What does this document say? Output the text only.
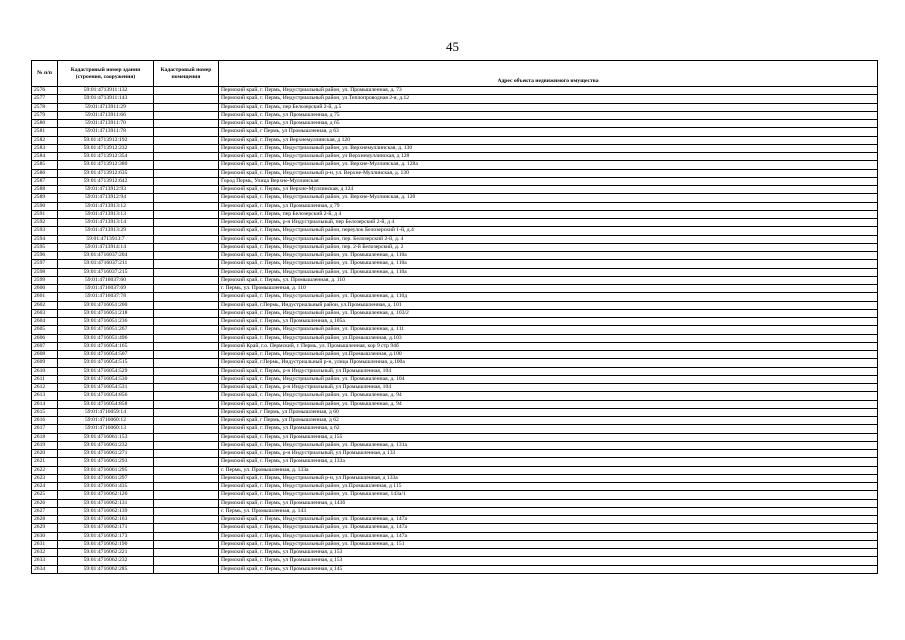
45
№ п/п	Кадастровый номер здания (строения, сооружения)	Кадастровый номер помещения	Адрес объекта недвижимого имущества
2576	59:01:4713911:132		Пермский край, г. Пермь, Индустриальный район, ул. Промышленная, д. 73
2577	59:01:4713911:143		Пермский край, г. Пермь, Индустриальный район, ул.Теплопроводная 2-я, д.12
2578	59:01:4713911:29		Пермский край, г. Пермь, пер Белозерский 2-й, д.5
2579	59:01:4713911:66		Пермский край, г. Пермь, ул Промышленная, д 75
2580	59:01:4713911:70		Пермский край, г. Пермь, ул Промышленная, д 65
2581	59:01:4713911:78		Пермский край, г Пермь, ул Промышленная, д 63
2582	59:01:4713912:192		Пермский край, г. Пермь, ул Верхнемуллинская, д 120
2583	59:01:4713912:232		Пермский край, г. Пермь, Индустриальный район, ул. Верхнемуллинская, д. 130
2584	59:01:4713912:354		Пермский край, г. Пермь, Индустриальный район, ул Верхнемуллинская, д 128
2585	59:01:4713912:380		Пермский край, г. Пермь, Индустриальный район, ул. Верхне-Муллинская, д. 128а
2586	59:01:4713912:635		Пермский край, г. Пермь, Индустриальный р-н, ул. Верхне-Муллинская, д. 130
2587	59:01:4713912:642		Город Пермь, Улица Верхне-Муллинская
2588	59:01:4713912:93		Пермский край, г. Пермь, ул Верхне-Муллинская, д 124
2589	59:01:4713912:94		Пермский край, г. Пермь, Индустриальный район, ул. Верхне-Муллинская, д. 120
2590	59:01:4713913:12		Пермский край, г. Пермь, ул Промышленная, д 79
2591	59:01:4713913:13		Пермский край, г. Пермь, пер Белозерский 2-й, д 4
2592	59:01:4713913:14		Пермский край, г. Пермь, р-н Индустриальный, пер Белозерский 2-й, д 4
2593	59:01:4713913:29		Пермский край, г. Пермь, Индустриальный район, переулок Белозерский 1-й, д.4
2594	59:01:4713913:7		Пермский край, г. Пермь, Индустриальный район, пер. Белозерский 2-й, д. 4
2595	59:01:4713914:14		Пермский край, г. Пермь, Индустриальный район, пер. 2-й Белозерский, д. 2
2596	59:01:4716037:204		Пермский край, г. Пермь, Индустриальный район, ул. Промышленная, д. 110а
2597	59:01:4716037:211		Пермский край, г. Пермь, Индустриальный район, ул. Промышленная, д. 110а
2598	59:01:4716037:215		Пермский край, г. Пермь, Индустриальный район, ул. Промышленная, д. 110а
2599	59:01:4716037:60		Пермский край, г. Пермь, ул. Промышленная, д. 110
2600	59:01:4716037:69		г. Пермь, ул. Промышленная, д. 110
2601	59:01:4716037:78		Пермский край, г. Пермь, Индустриальный район, ул. Промышленная, д. 110д
2602	59:01:4716051:200		Пермский край, г.Пермь, Индустриальный район, ул.Промышленная, д. 101
2603	59:01:4716051:218		Пермский край, г. Пермь, Индустриальный район, ул. Промышленная, д. 103/2
2604	59:01:4716051:236		Пермский край, г. Пермь, ул Промышленная, д 105а
2605	59:01:4716051:267		Пермский край, г. Пермь, Индустриальный район, ул. Промышленная, д. 111
2606	59:01:4716051:496		Пермский край, г. Пермь, Индустриальный район, ул.Промышленная, д.103
2607	59:01:4716054:165		Пермский Край, г.о. Пермский, г. Пермь, ул. Промышленная, кор 9 стр 94б
2608	59:01:4716054:507		Пермский край, г. Пермь, Индустриальный район, ул.Промышленная, д.100
2609	59:01:4716054:515		Пермский край, г.Пермь, Индустриальный р-н, улица Промышленная, д.100а
2610	59:01:4716054:529		Пермский край, г. Пермь, р-н Индустриальный, ул Промышленная, 104
2611	59:01:4716054:530		Пермский край, г. Пермь, Индустриальный район, ул. Промышленная, д. 104
2612	59:01:4716054:531		Пермский край, г. Пермь, р-н Индустриальный, ул Промышленная, 104
2613	59:01:4716054:856		Пермский край, г. Пермь, Индустриальный район, ул. Промышленная, д. 94
2614	59:01:4716054:858		Пермский край, г. Пермь, Индустриальный район, ул. Промышленная, д. 94
2615	59:01:4716059:14		Пермский край, г Пермь, ул Промышленная, д 60
2616	59:01:4716060:12		Пермский край, г Пермь, ул Промышленная, д 62
2617	59:01:4716060:13		Пермский край, г. Пермь, ул Промышленная, д 62
2618	59:01:4716061:153		Пермский край, г. Пермь, ул Промышленная, д 155
2619	59:01:4716061:232		Пермский край, г. Пермь, Индустриальный район, ул. Промышленная, д. 131а
2620	59:01:4716061:271		Пермский край, г. Пермь, р-н Индустриальный, ул Промышленная, д 133
2621	59:01:4716061:293		Пермский край, г. Пермь, ул Промышленная, д 133а
2622	59:01:4716061:295		г. Пермь, ул. Промышленная, д. 133а
2623	59:01:4716061:297		Пермский край, г. Пермь, Индустриальный р-н, ул Промышленная, д 133а
2624	59:01:4716061:435		Пермский край, г. Пермь, Индустриальный район, ул.Промышленная, д 115
2625	59:01:4716062:126		Пермский край, г. Пермь, Индустриальный район, ул. Промышленная, 143а/1
2626	59:01:4716062:131		Пермский край, г. Пермь, ул Промышленная, д 143б
2627	59:01:4716062:139		г. Пермь, ул. Промышленная, д. 143
2628	59:01:4716062:163		Пермский край, г. Пермь, Индустриальный район, ул. Промышленная, д. 147а
2629	59:01:4716062:171		Пермский край, г. Пермь, Индустриальный район, ул. Промышленная, д. 147а
2630	59:01:4716062:173		Пермский край, г. Пермь, Индустриальный район, ул. Промышленная, д. 147а
2631	59:01:4716062:190		Пермский край, г. Пермь, Индустриальный район, ул. Промышленная, д. 151
2632	59:01:4716062:221		Пермский край, г. Пермь, ул Промышленная, д 153
2633	59:01:4716062:232		Пермский край, г. Пермь, ул Промышленная, д 153
2634	59:01:4716062:285		Пермский край, г. Пермь, ул Промышленная, д 145
